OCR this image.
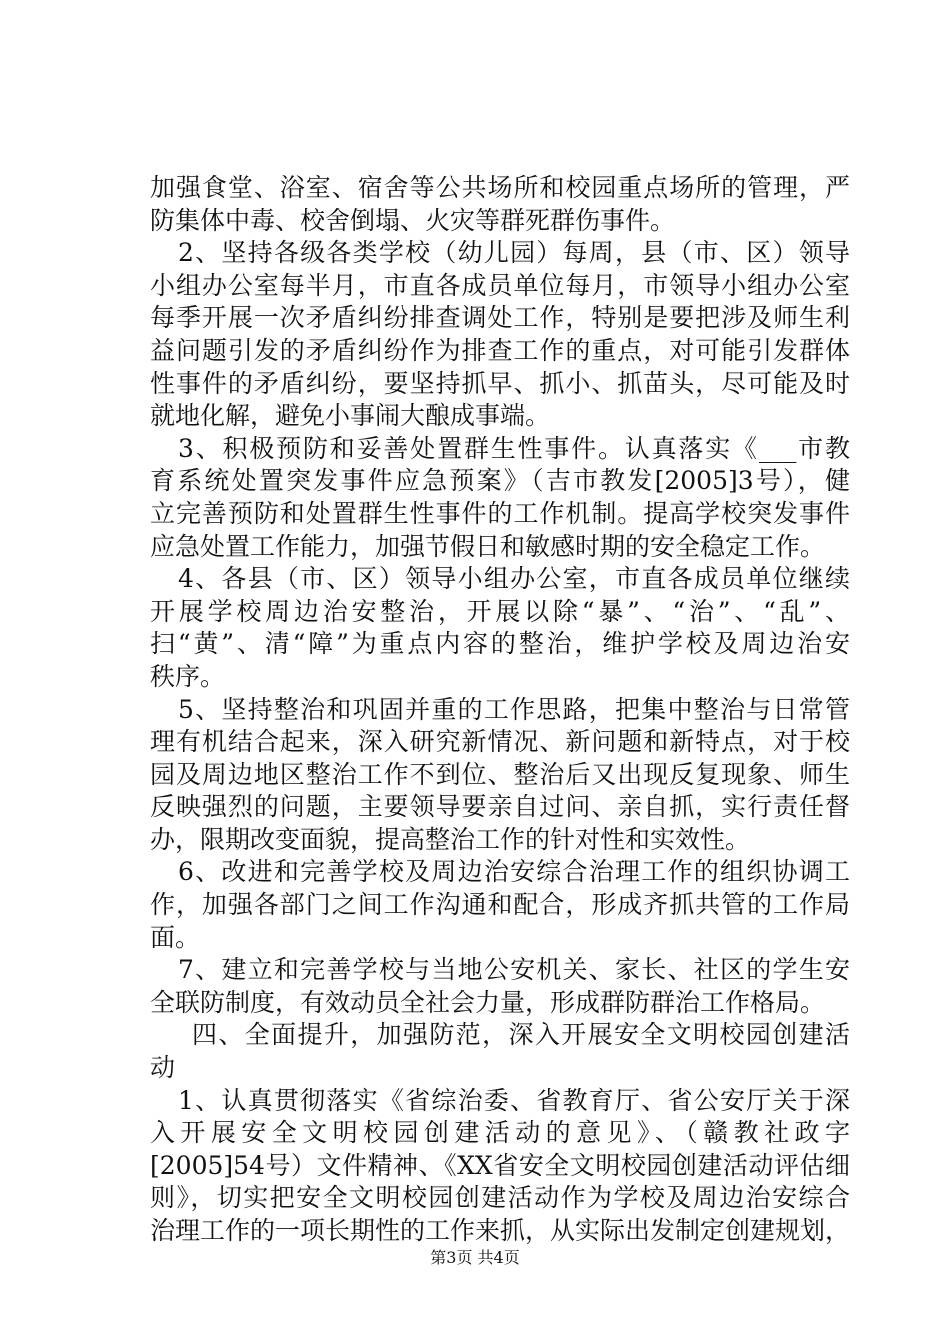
加强食堂、浴室、宿舍等公共场所和校园重点场所的管理，严
防集体中毒、校舍倒塌、火灾等群死群伤事件。
2、坚持各级各类学校（幼儿园）每周，县（市、区）领导
小组办公室每半月，市直各成员单位每月，市领导小组办公室
每季开展一次矛盾纠纷排查调处工作，特别是要把涉及师生利
益问题引发的矛盾纠纷作为排查工作的重点，对可能引发群体
性事件的矛盾纠纷，要坚持抓早、抓小、抓苗头，尽可能及时
就地化解，避免小事闹大酿成事端。
3、积极预防和妥善处置群生性事件。认真落实《___市教
育系统处置突发事件应急预案》（吉市教发[2005]3号），健
立完善预防和处置群生性事件的工作机制。提高学校突发事件
应急处置工作能力，加强节假日和敏感时期的安全稳定工作。
4、各县（市、区）领导小组办公室，市直各成员单位继续
开展学校周边治安整治，开展以除“暴”、“治”、“乱”、
扫“黄”、清“障”为重点内容的整治，维护学校及周边治安
秩序。
5、坚持整治和巩固并重的工作思路，把集中整治与日常管
理有机结合起来，深入研究新情况、新问题和新特点，对于校
园及周边地区整治工作不到位、整治后又出现反复现象、师生
反映强烈的问题，主要领导要亲自过问、亲自抓，实行责任督
办，限期改变面貌，提高整治工作的针对性和实效性。
6、改进和完善学校及周边治安综合治理工作的组织协调工
作，加强各部门之间工作沟通和配合，形成齐抓共管的工作局
面。
7、建立和完善学校与当地公安机关、家长、社区的学生安
全联防制度，有效动员全社会力量，形成群防群治工作格局。
四、全面提升，加强防范，深入开展安全文明校园创建活
动
1、认真贯彻落实《省综治委、省教育厅、省公安厅关于深
入开展安全文明校园创建活动的意见》、（赣教社政字
[2005]54号）文件精神、《XX省安全文明校园创建活动评估细
则》，切实把安全文明校园创建活动作为学校及周边治安综合
治理工作的一项长期性的工作来抓，从实际出发制定创建规划，
第3页 共4页
